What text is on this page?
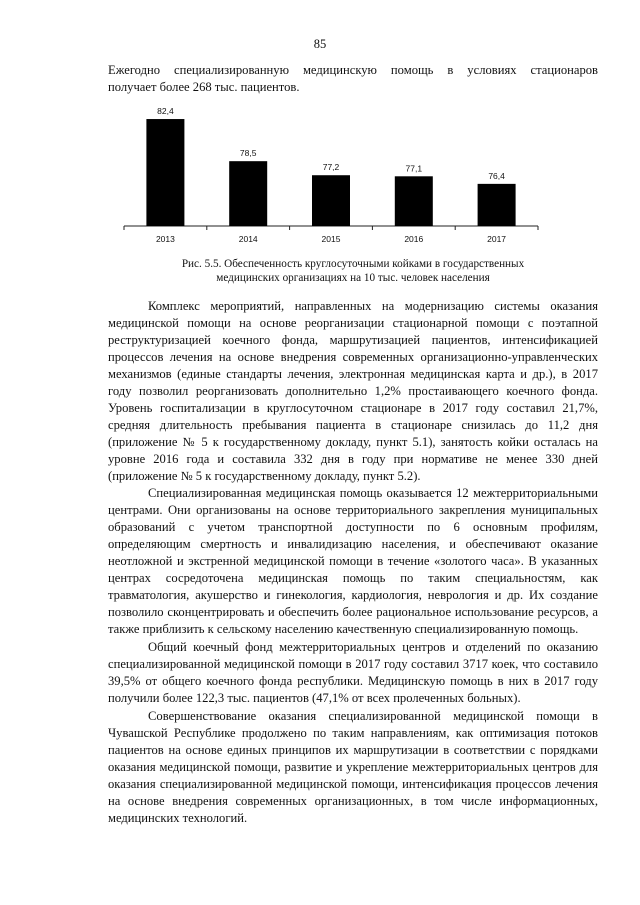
85
Ежегодно специализированную медицинскую помощь в условиях стационаров
получает более 268 тыс. пациентов.
82,4
2013
78,5
2014
77,2
2015
77,1
2016
76,4
2017
Рис. 5.5. Обеспеченность круглосуточными койками в государственных
медицинских организациях на 10 тыс. человек населения

Комплекс мероприятий, направленных на модернизацию системы оказания медицинской помощи на основе реорганизации стационарной помощи с поэтапной реструктуризацией коечного фонда, маршрутизацией пациентов, интенсификацией процессов лечения на основе внедрения современных организационно-управленческих механизмов (единые стандарты лечения, электронная медицинская карта и др.), в 2017 году позволил реорганизовать дополнительно 1,2% простаивающего коечного фонда. Уровень госпитализации в круглосуточном стационаре в 2017 году составил 21,7%, средняя длительность пребывания пациента в стационаре снизилась до 11,2 дня (приложение № 5 к государственному докладу, пункт 5.1), занятость койки осталась на уровне 2016 года и составила 332 дня в году при нормативе не менее 330 дней (приложение № 5 к государственному докладу, пункт 5.2).

Специализированная медицинская помощь оказывается 12 межтерриториальными центрами. Они организованы на основе территориального закрепления муниципальных образований с учетом транспортной доступности по 6 основным профилям, определяющим смертность и инвалидизацию населения, и обеспечивают оказание неотложной и экстренной медицинской помощи в течение «золотого часа». В указанных центрах сосредоточена медицинская помощь по таким специальностям, как травматология, акушерство и гинекология, кардиология, неврология и др. Их создание позволило сконцентрировать и обеспечить более рациональное использование ресурсов, а также приблизить к сельскому населению качественную специализированную помощь.

Общий коечный фонд межтерриториальных центров и отделений по оказанию специализированной медицинской помощи в 2017 году составил 3717 коек, что составило 39,5% от общего коечного фонда республики. Медицинскую помощь в них в 2017 году получили более 122,3 тыс. пациентов (47,1% от всех пролеченных больных).

Совершенствование оказания специализированной медицинской помощи в Чувашской Республике продолжено по таким направлениям, как оптимизация потоков пациентов на основе единых принципов их маршрутизации в соответствии с порядками оказания медицинской помощи, развитие и укрепление межтерриториальных центров для оказания специализированной медицинской помощи, интенсификация процессов лечения на основе внедрения современных организационных, в том числе информационных, медицинских технологий.
